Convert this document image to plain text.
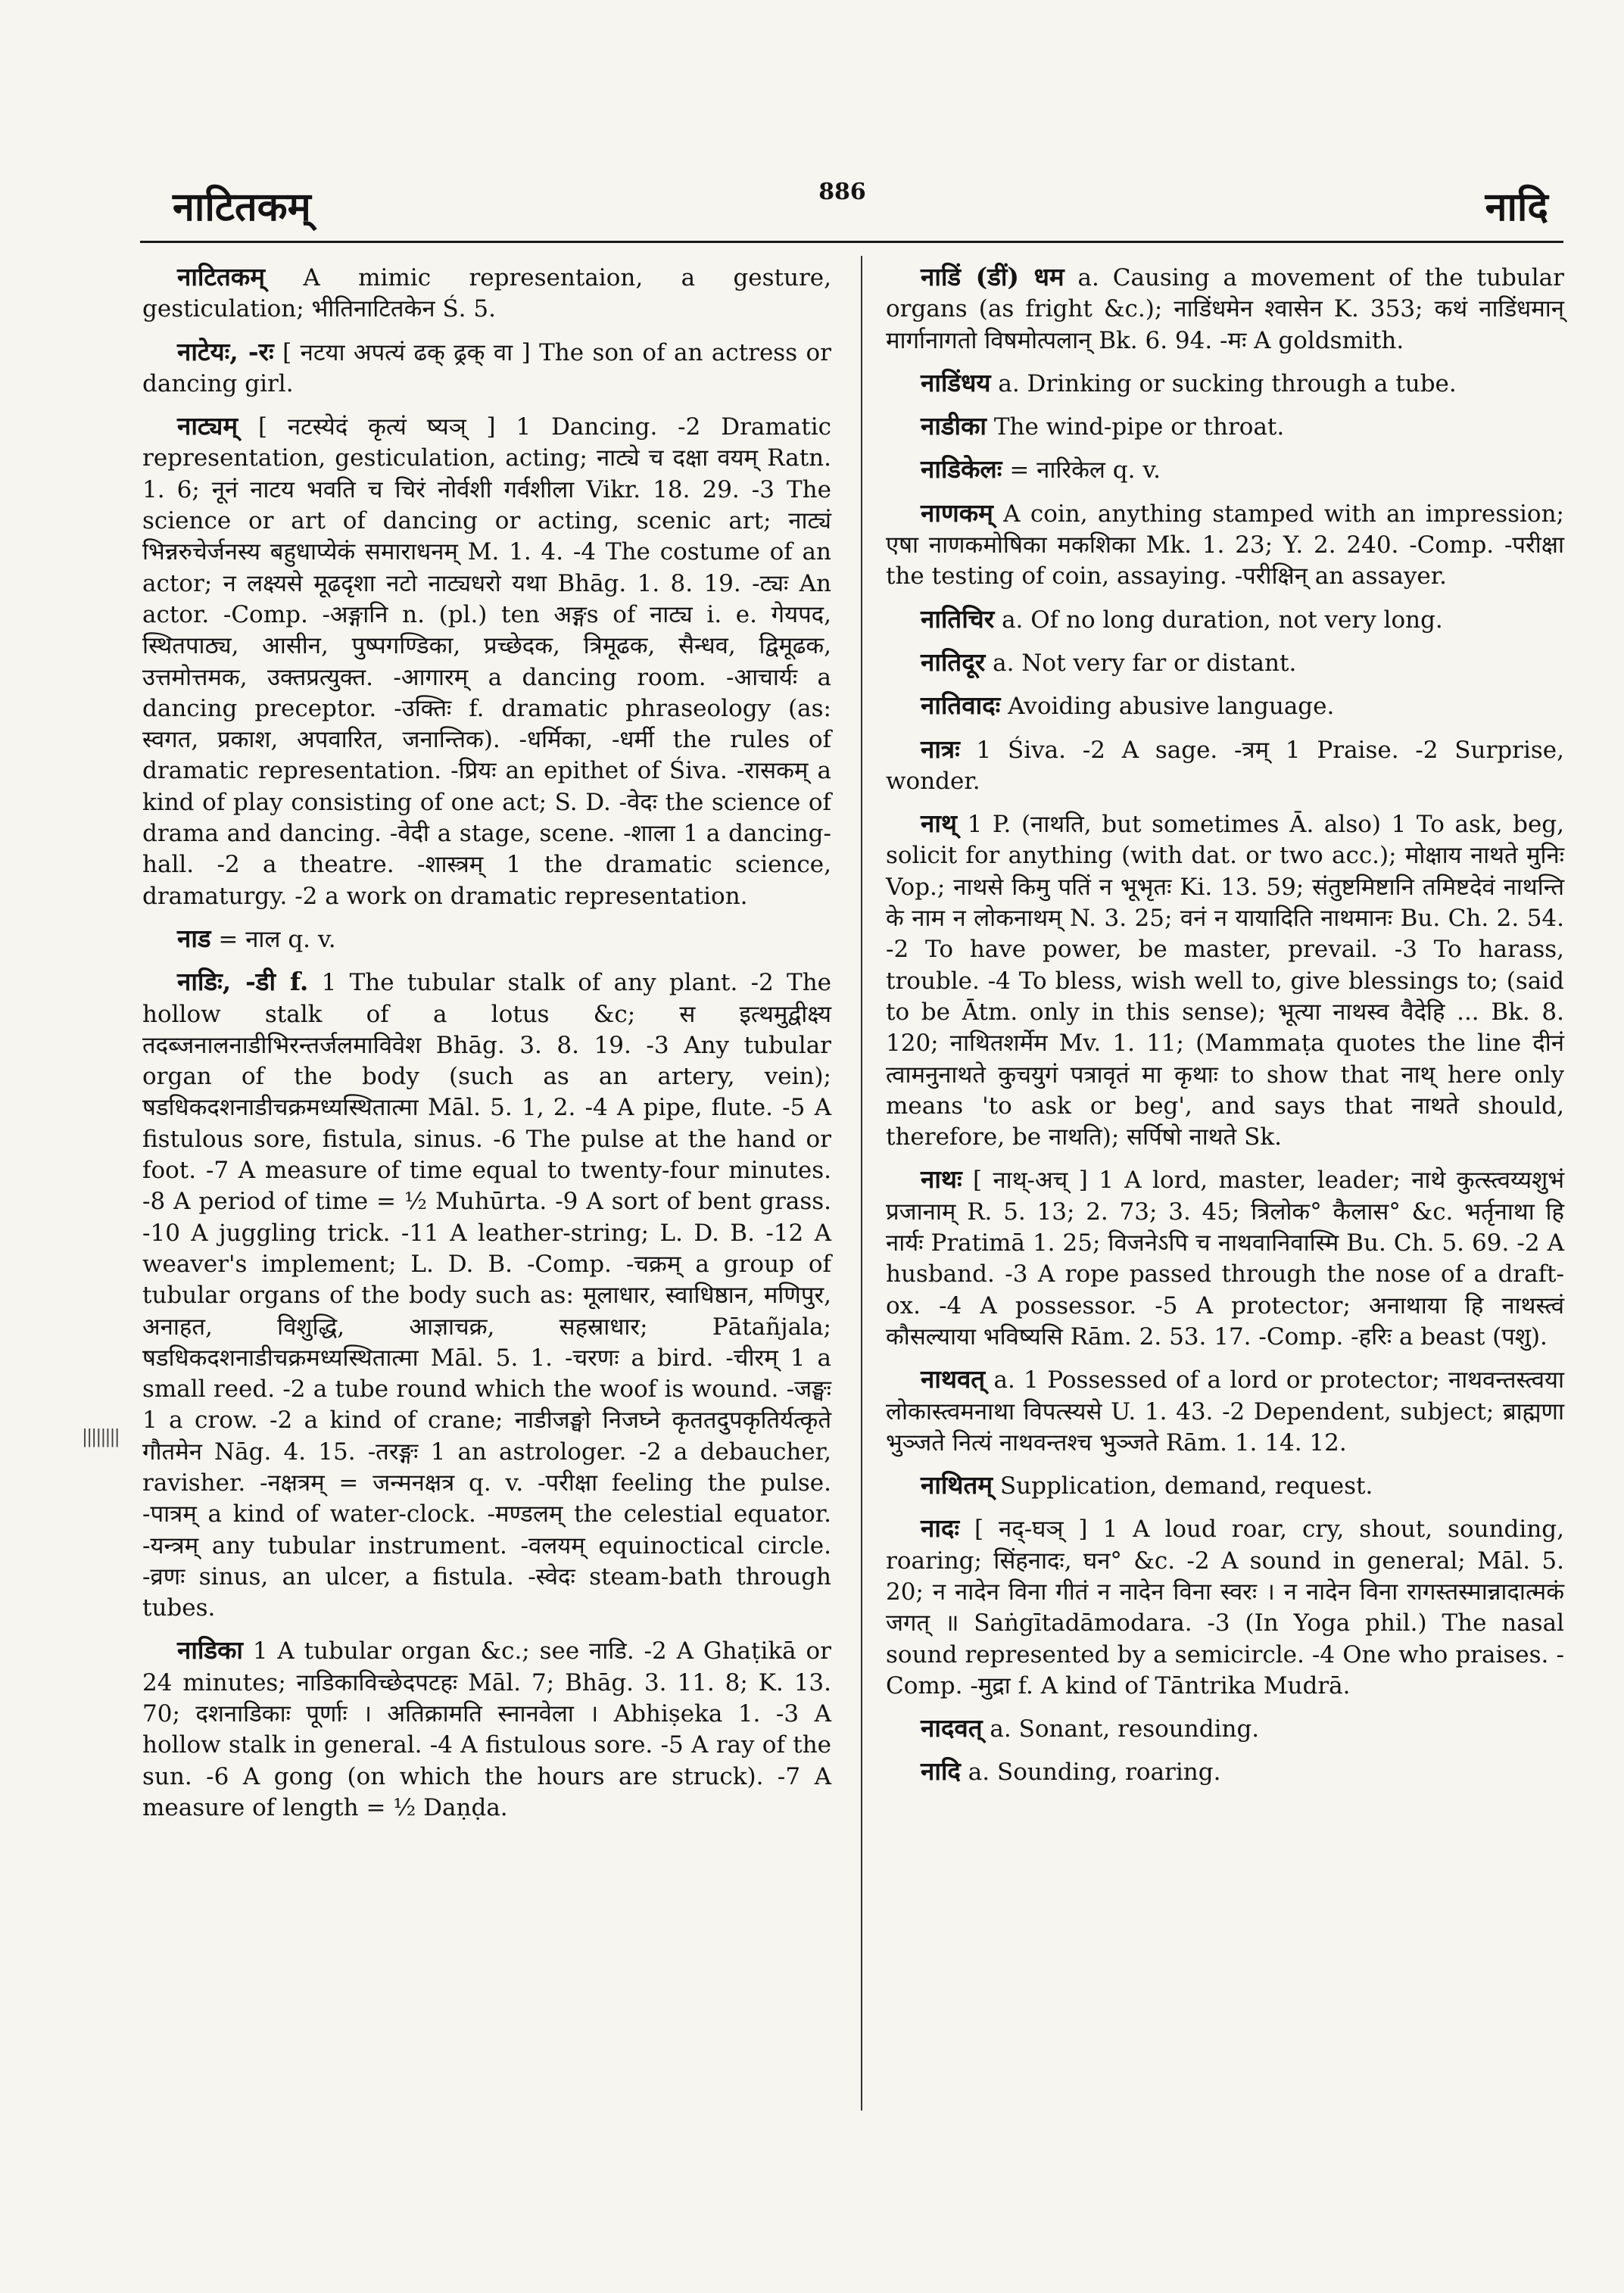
नाटितकम्	886	नादि
||||||||

नाटितकम् A mimic representaion, a gesture, gesticulation; भीतिनाटितकेन Ś. 5.

नाटेयः, -रः [ नटया अपत्यं ढक् ढ्रक् वा ] The son of an actress or dancing girl.

नाट्यम् [ नटस्येदं कृत्यं ष्यञ् ] 1 Dancing. -2 Dramatic representation, gesticulation, acting; नाट्ये च दक्षा वयम् Ratn. 1. 6; नूनं नाटय भवति च चिरं नोर्वशी गर्वशीला Vikr. 18. 29. -3 The science or art of dancing or acting, scenic art; नाट्यं भिन्नरुचेर्जनस्य बहुधाप्येकं समाराधनम् M. 1. 4. -4 The costume of an actor; न लक्ष्यसे मूढदृशा नटो नाट्यधरो यथा Bhāg. 1. 8. 19. -ट्यः An actor. -Comp. -अङ्गानि n. (pl.) ten अङ्गs of नाट्य i. e. गेयपद, स्थितपाठ्य, आसीन, पुष्पगण्डिका, प्रच्छेदक, त्रिमूढक, सैन्धव, द्विमूढक, उत्तमोत्तमक, उक्तप्रत्युक्त. -आगारम् a dancing room. -आचार्यः a dancing preceptor. -उक्तिः f. dramatic phraseology (as: स्वगत, प्रकाश, अपवारित, जनान्तिक). -धर्मिका, -धर्मी the rules of dramatic representation. -प्रियः an epithet of Śiva. -रासकम् a kind of play consisting of one act; S. D. -वेदः the science of drama and dancing. -वेदी a stage, scene. -शाला 1 a dancing-hall. -2 a theatre. -शास्त्रम् 1 the dramatic science, dramaturgy. -2 a work on dramatic representation.

नाड = नाल q. v.

नाडिः, -डी f. 1 The tubular stalk of any plant. -2 The hollow stalk of a lotus &c; स इत्थमुद्वीक्ष्य तदब्जनालनाडीभिरन्तर्जलमाविवेश Bhāg. 3. 8. 19. -3 Any tubular organ of the body (such as an artery, vein); षडधिकदशनाडीचक्रमध्यस्थितात्मा Māl. 5. 1, 2. -4 A pipe, flute. -5 A fistulous sore, fistula, sinus. -6 The pulse at the hand or foot. -7 A measure of time equal to twenty-four minutes. -8 A period of time = ½ Muhūrta. -9 A sort of bent grass. -10 A juggling trick. -11 A leather-string; L. D. B. -12 A weaver's implement; L. D. B. -Comp. -चक्रम् a group of tubular organs of the body such as: मूलाधार, स्वाधिष्ठान, मणिपुर, अनाहत, विशुद्धि, आज्ञाचक्र, सहस्राधार; Pātañjala; षडधिकदशनाडीचक्रमध्यस्थितात्मा Māl. 5. 1. -चरणः a bird. -चीरम् 1 a small reed. -2 a tube round which the woof is wound. -जङ्घः 1 a crow. -2 a kind of crane; नाडीजङ्घो निजघ्ने कृततदुपकृतिर्यत्कृते गौतमेन Nāg. 4. 15. -तरङ्गः 1 an astrologer. -2 a debaucher, ravisher. -नक्षत्रम् = जन्मनक्षत्र q. v. -परीक्षा feeling the pulse. -पात्रम् a kind of water-clock. -मण्डलम् the celestial equator. -यन्त्रम् any tubular instrument. -वलयम् equinoctical circle. -व्रणः sinus, an ulcer, a fistula. -स्वेदः steam-bath through tubes.

नाडिका 1 A tubular organ &c.; see नाडि. -2 A Ghaṭikā or 24 minutes; नाडिकाविच्छेदपटहः Māl. 7; Bhāg. 3. 11. 8; K. 13. 70; दशनाडिकाः पूर्णाः । अतिक्रामति स्नानवेला । Abhiṣeka 1. -3 A hollow stalk in general. -4 A fistulous sore. -5 A ray of the sun. -6 A gong (on which the hours are struck). -7 A measure of length = ½ Daṇḍa.

नाडिं (डीं) धम a. Causing a movement of the tubular organs (as fright &c.); नाडिंधमेन श्वासेन K. 353; कथं नाडिंधमान् मार्गानागतो विषमोत्पलान् Bk. 6. 94. -मः A goldsmith.

नाडिंधय a. Drinking or sucking through a tube.

नाडीका The wind-pipe or throat.

नाडिकेलः = नारिकेल q. v.

नाणकम् A coin, anything stamped with an impression; एषा नाणकमोषिका मकशिका Mk. 1. 23; Y. 2. 240. -Comp. -परीक्षा the testing of coin, assaying. -परीक्षिन् an assayer.

नातिचिर a. Of no long duration, not very long.

नातिदूर a. Not very far or distant.

नातिवादः Avoiding abusive language.

नात्रः 1 Śiva. -2 A sage. -त्रम् 1 Praise. -2 Surprise, wonder.

नाथ् 1 P. (नाथति, but sometimes Ā. also) 1 To ask, beg, solicit for anything (with dat. or two acc.); मोक्षाय नाथते मुनिः Vop.; नाथसे किमु पतिं न भूभृतः Ki. 13. 59; संतुष्टमिष्टानि तमिष्टदेवं नाथन्ति के नाम न लोकनाथम् N. 3. 25; वनं न यायादिति नाथमानः Bu. Ch. 2. 54. -2 To have power, be master, prevail. -3 To harass, trouble. -4 To bless, wish well to, give blessings to; (said to be Ātm. only in this sense); भूत्या नाथस्व वैदेहि ... Bk. 8. 120; नाथितशर्मेम Mv. 1. 11; (Mammaṭa quotes the line दीनं त्वामनुनाथते कुचयुगं पत्रावृतं मा कृथाः to show that नाथ् here only means 'to ask or beg', and says that नाथते should, therefore, be नाथति); सर्पिषो नाथते Sk.

नाथः [ नाथ्-अच् ] 1 A lord, master, leader; नाथे कुत्स्त्वय्यशुभं प्रजानाम् R. 5. 13; 2. 73; 3. 45; त्रिलोक° कैलास° &c. भर्तृनाथा हि नार्यः Pratimā 1. 25; विजनेऽपि च नाथवानिवास्मि Bu. Ch. 5. 69. -2 A husband. -3 A rope passed through the nose of a draft-ox. -4 A possessor. -5 A protector; अनाथाया हि नाथस्त्वं कौसल्याया भविष्यसि Rām. 2. 53. 17. -Comp. -हरिः a beast (पशु).

नाथवत् a. 1 Possessed of a lord or protector; नाथवन्तस्त्वया लोकास्त्वमनाथा विपत्स्यसे U. 1. 43. -2 Dependent, subject; ब्राह्मणा भुञ्जते नित्यं नाथवन्तश्च भुञ्जते Rām. 1. 14. 12.

नाथितम् Supplication, demand, request.

नादः [ नद्-घञ् ] 1 A loud roar, cry, shout, sounding, roaring; सिंहनादः, घन° &c. -2 A sound in general; Māl. 5. 20; न नादेन विना गीतं न नादेन विना स्वरः । न नादेन विना रागस्तस्मान्नादात्मकं जगत् ॥ Saṅgītadāmodara. -3 (In Yoga phil.) The nasal sound represented by a semicircle. -4 One who praises. -Comp. -मुद्रा f. A kind of Tāntrika Mudrā.

नादवत् a. Sonant, resounding.

नादि a. Sounding, roaring.
